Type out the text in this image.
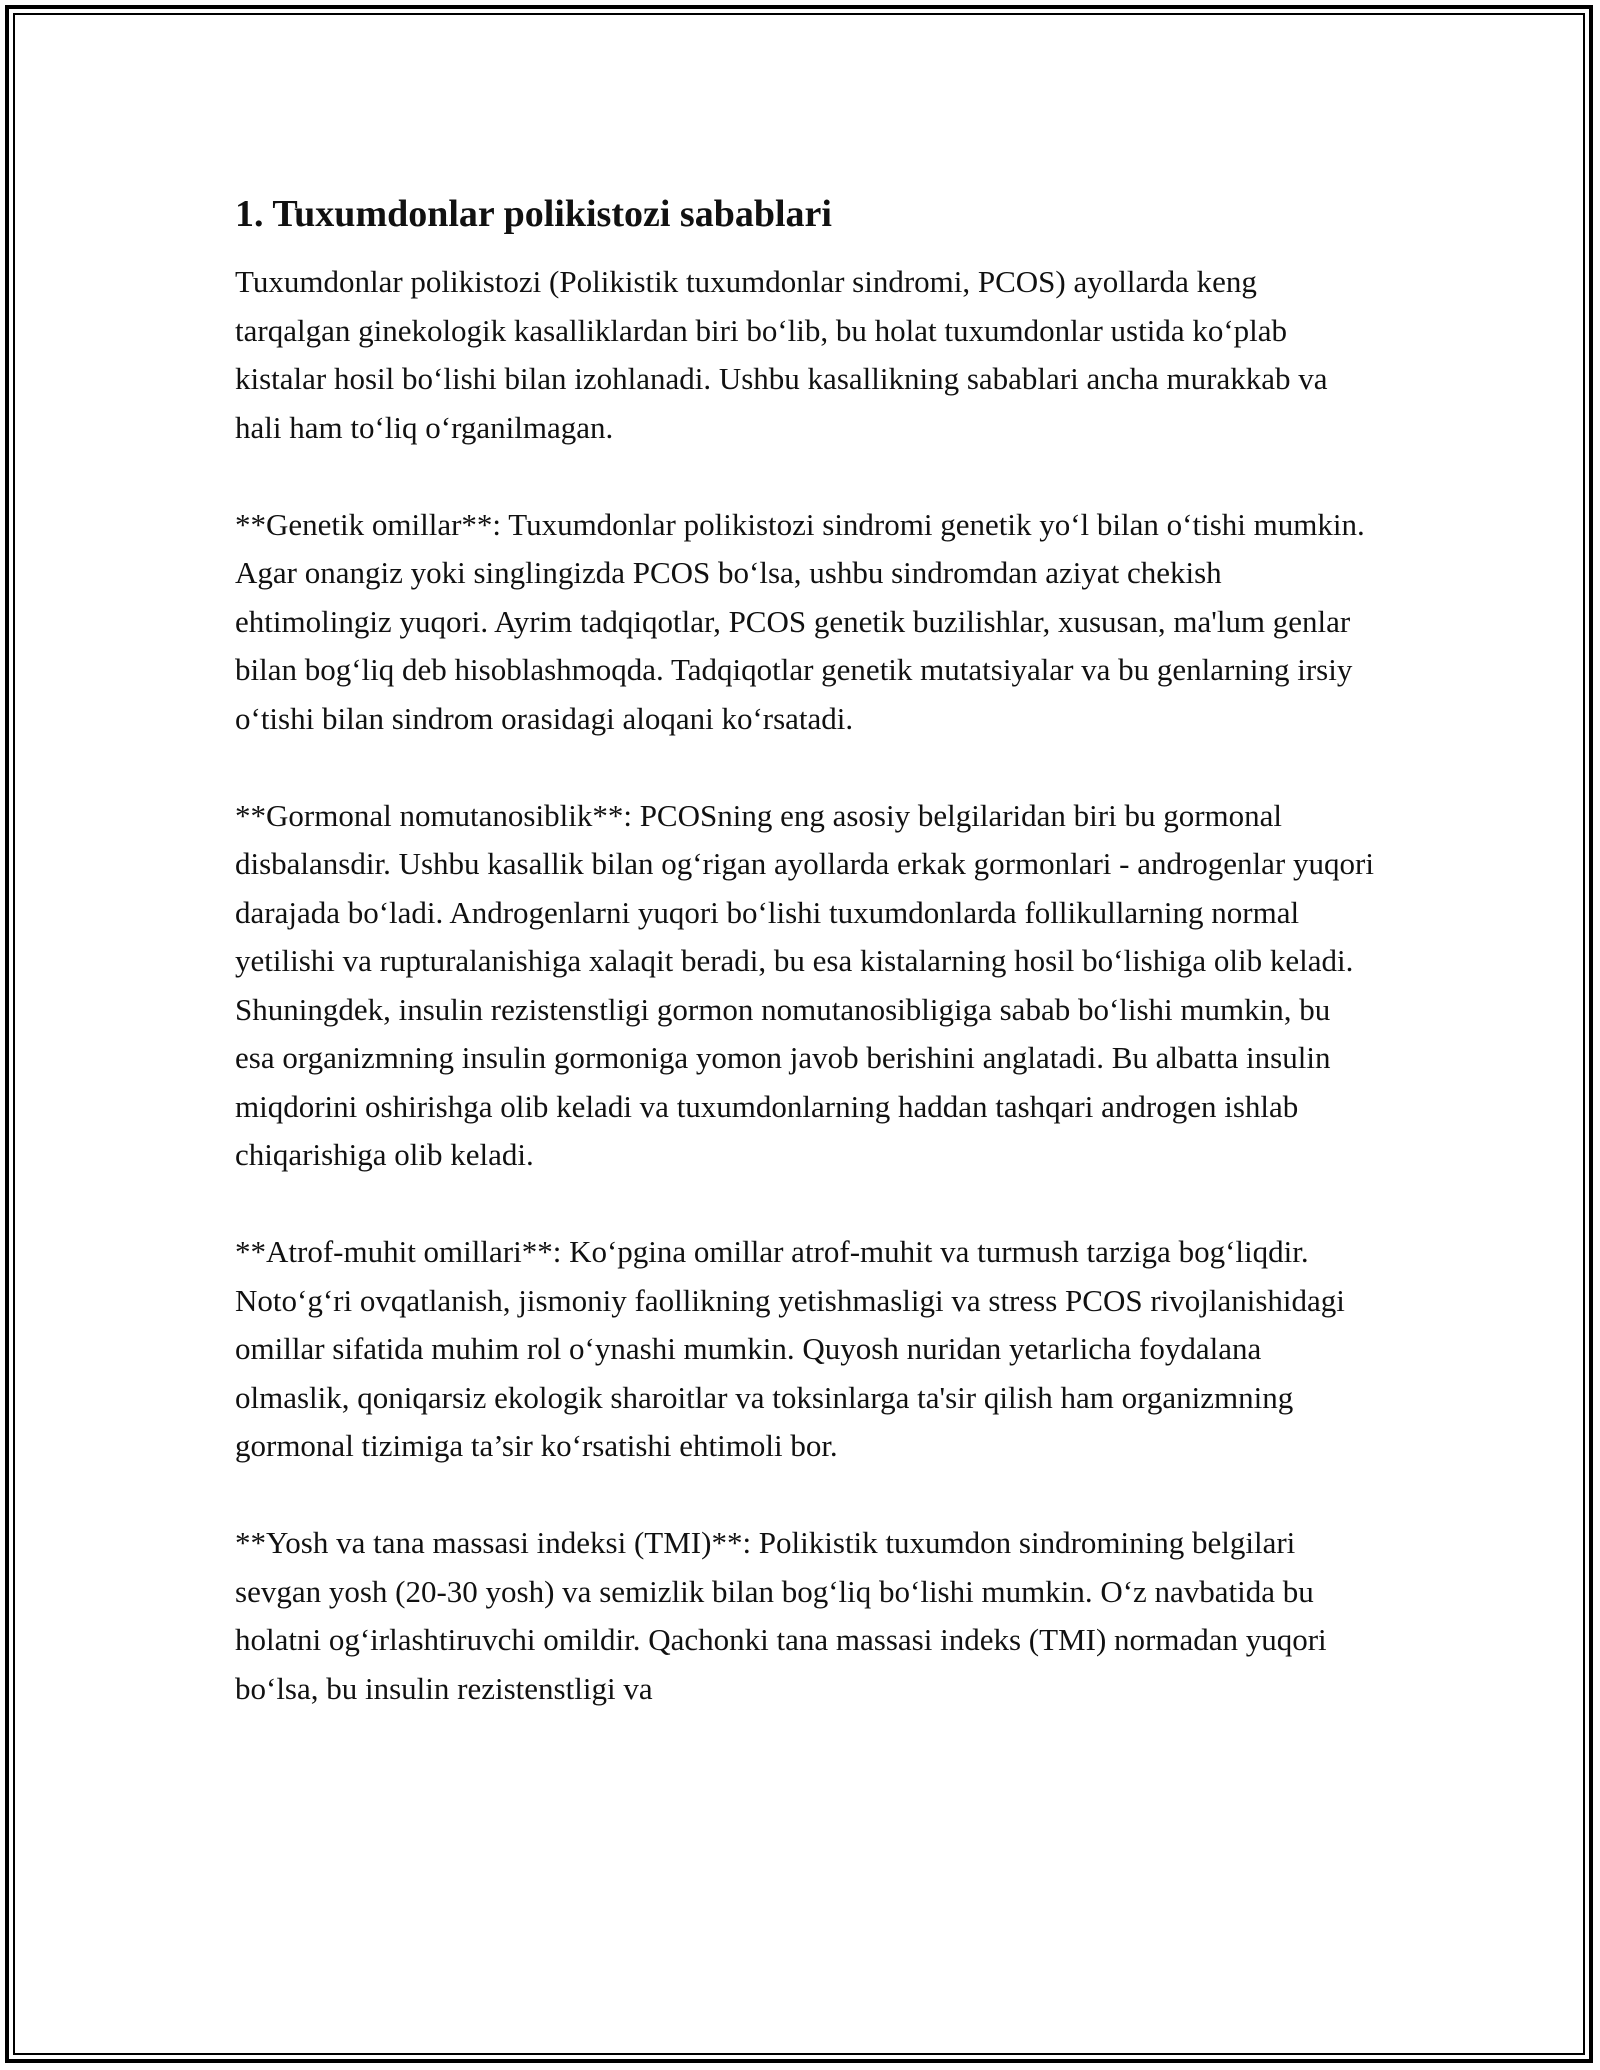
1. Tuxumdonlar polikistozi sabablari

Tuxumdonlar polikistozi (Polikistik tuxumdonlar sindromi, PCOS) ayollarda keng tarqalgan ginekologik kasalliklardan biri bo‘lib, bu holat tuxumdonlar ustida ko‘plab kistalar hosil bo‘lishi bilan izohlanadi. Ushbu kasallikning sabablari ancha murakkab va hali ham to‘liq o‘rganilmagan.

**Genetik omillar**: Tuxumdonlar polikistozi sindromi genetik yo‘l bilan o‘tishi mumkin. Agar onangiz yoki singlingizda PCOS bo‘lsa, ushbu sindromdan aziyat chekish ehtimolingiz yuqori. Ayrim tadqiqotlar, PCOS genetik buzilishlar, xususan, ma'lum genlar bilan bog‘liq deb hisoblashmoqda. Tadqiqotlar genetik mutatsiyalar va bu genlarning irsiy o‘tishi bilan sindrom orasidagi aloqani ko‘rsatadi.

**Gormonal nomutanosiblik**: PCOSning eng asosiy belgilaridan biri bu gormonal disbalansdir. Ushbu kasallik bilan og‘rigan ayollarda erkak gormonlari - androgenlar yuqori darajada bo‘ladi. Androgenlarni yuqori bo‘lishi tuxumdonlarda follikullarning normal yetilishi va rupturalanishiga xalaqit beradi, bu esa kistalarning hosil bo‘lishiga olib keladi. Shuningdek, insulin rezistenstligi gormon nomutanosibligiga sabab bo‘lishi mumkin, bu esa organizmning insulin gormoniga yomon javob berishini anglatadi. Bu albatta insulin miqdorini oshirishga olib keladi va tuxumdonlarning haddan tashqari androgen ishlab chiqarishiga olib keladi.

**Atrof-muhit omillari**: Ko‘pgina omillar atrof-muhit va turmush tarziga bog‘liqdir. Noto‘g‘ri ovqatlanish, jismoniy faollikning yetishmasligi va stress PCOS rivojlanishidagi omillar sifatida muhim rol o‘ynashi mumkin. Quyosh nuridan yetarlicha foydalana olmaslik, qoniqarsiz ekologik sharoitlar va toksinlarga ta'sir qilish ham organizmning gormonal tizimiga ta’sir ko‘rsatishi ehtimoli bor.

**Yosh va tana massasi indeksi (TMI)**: Polikistik tuxumdon sindromining belgilari sevgan yosh (20-30 yosh) va semizlik bilan bog‘liq bo‘lishi mumkin. O‘z navbatida bu holatni og‘irlashtiruvchi omildir. Qachonki tana massasi indeks (TMI) normadan yuqori bo‘lsa, bu insulin rezistenstligi va
